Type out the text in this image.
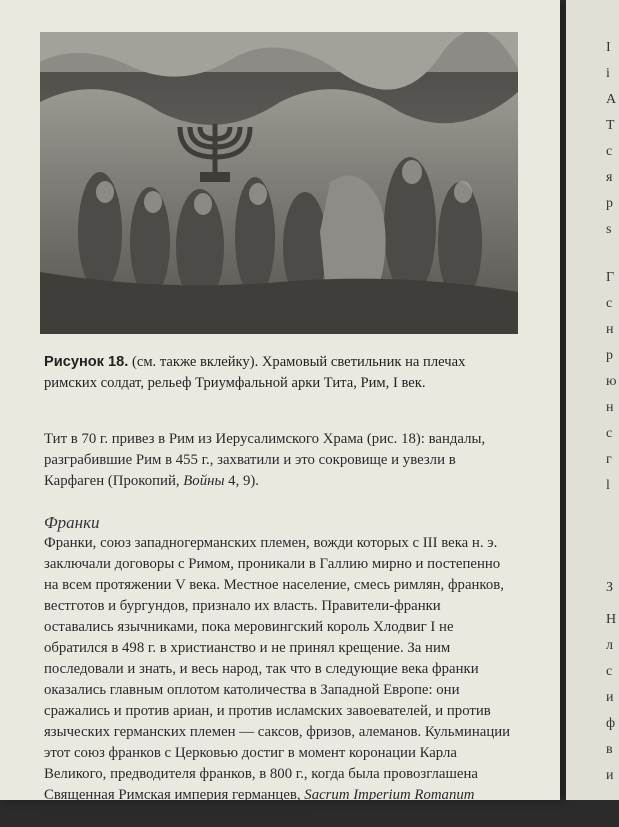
Рисунок 18. (см. также вклейку). Храмовый светильник на плечах римских солдат, рельеф Триумфальной арки Тита, Рим, I век.
Тит в 70 г. привез в Рим из Иерусалимского Храма (рис. 18): вандалы, разграбившие Рим в 455 г., захватили и это сокровище и увезли в Карфаген (Прокопий, Войны 4, 9).
Франки
Франки, союз западногерманских племен, вожди которых с III века н. э. заключали договоры с Римом, проникали в Галлию мирно и постепенно на всем протяжении V века. Местное население, смесь римлян, франков, вестготов и бургундов, признало их власть. Правители-франки оставались язычниками, пока меровингский король Хлодвиг I не обратился в 498 г. в христианство и не принял крещение. За ним последовали и знать, и весь народ, так что в следующие века франки оказались главным оплотом католичества в Западной Европе: они сражались и против ариан, и против исламских завоевателей, и против языческих германских племен — саксов, фризов, алеманов. Кульминации этот союз франков с Церковью достиг в момент коронации Карла Великого, предводителя франков, в 800 г., когда была провозглашена Священная Римская империя германцев, Sacrum Imperium Romanum Germanicum, она же империя Каролингов.
I
i
A
T
с
я
p
s
Г
с
н
p
ю
н
c
г
l
З
Н
л
с
и
ф
в
и
